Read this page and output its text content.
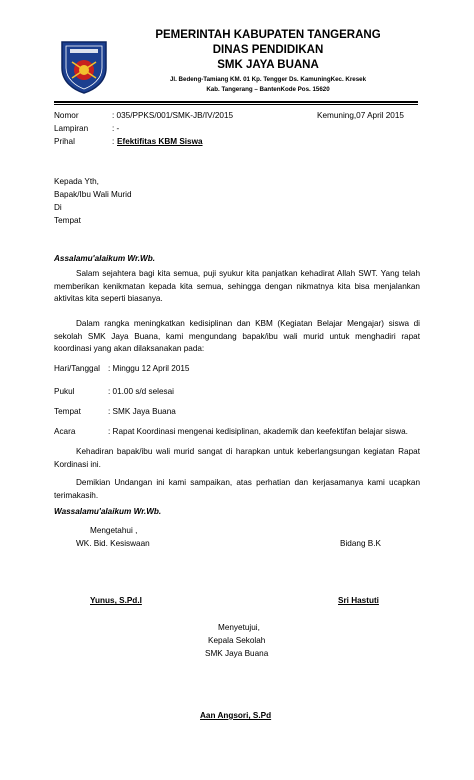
PEMERINTAH KABUPATEN TANGERANG
DINAS PENDIDIKAN
SMK JAYA BUANA
Jl. Bedeng-Tamiang KM. 01 Kp. Tengger Ds. KamuningKec. Kresek
Kab. Tangerang – BantenKode Pos. 15620
Nomor	: 035/PPKS/001/SMK-JB/IV/2015	Kemuning,07 April 2015
Lampiran	: -
Prihal	: Efektifitas KBM Siswa
Kepada Yth,
Bapak/Ibu Wali Murid
Di
Tempat
Assalamu'alaikum Wr.Wb.
Salam sejahtera bagi kita semua, puji syukur kita panjatkan kehadirat Allah SWT. Yang telah memberikan kenikmatan kepada kita semua, sehingga dengan nikmatnya kita bisa menjalankan aktivitas kita seperti biasanya.
Dalam rangka meningkatkan kedisiplinan dan KBM (Kegiatan Belajar Mengajar) siswa di sekolah SMK Jaya Buana, kami mengundang bapak/ibu wali murid untuk menghadiri rapat koordinasi yang akan dilaksanakan pada:
Hari/Tanggal : Minggu 12 April 2015
Pukul	: 01.00 s/d selesai
Tempat	: SMK Jaya Buana
Acara	: Rapat Koordinasi mengenai kedisiplinan, akademik dan keefektifan belajar siswa.
Kehadiran bapak/ibu wali murid sangat di harapkan untuk keberlangsungan kegiatan Rapat Kordinasi ini.
Demikian Undangan ini kami sampaikan, atas perhatian dan kerjasamanya kami ucapkan terimakasih.
Wassalamu'alaikum Wr.Wb.
Mengetahui ,
WK. Bid. Kesiswaan	Bidang B.K
Yunus, S.Pd.I	Sri Hastuti
Menyetujui,
Kepala Sekolah
SMK Jaya Buana
Aan Angsori, S.Pd
